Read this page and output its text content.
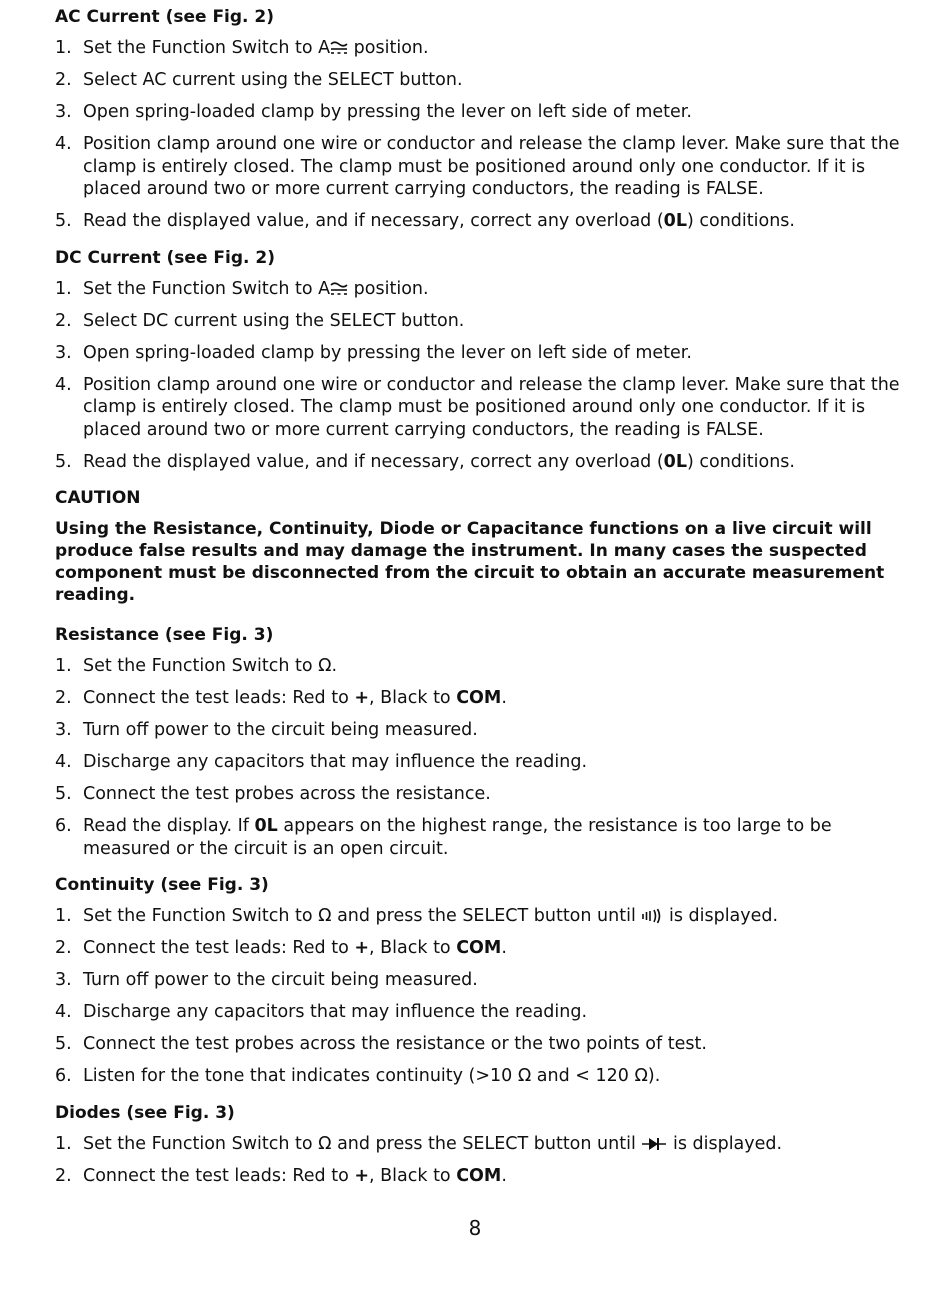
AC Current (see Fig. 2)
1. Set the Function Switch to A position.
2. Select AC current using the SELECT button.
3. Open spring-loaded clamp by pressing the lever on left side of meter.
4. Position clamp around one wire or conductor and release the clamp lever. Make sure that the clamp is entirely closed. The clamp must be positioned around only one conductor. If it is placed around two or more current carrying conductors, the reading is FALSE.
5. Read the displayed value, and if necessary, correct any overload (0L) conditions.
DC Current (see Fig. 2)
1. Set the Function Switch to A position.
2. Select DC current using the SELECT button.
3. Open spring-loaded clamp by pressing the lever on left side of meter.
4. Position clamp around one wire or conductor and release the clamp lever. Make sure that the clamp is entirely closed. The clamp must be positioned around only one conductor. If it is placed around two or more current carrying conductors, the reading is FALSE.
5. Read the displayed value, and if necessary, correct any overload (0L) conditions.
CAUTION
Using the Resistance, Continuity, Diode or Capacitance functions on a live circuit will produce false results and may damage the instrument. In many cases the suspected component must be disconnected from the circuit to obtain an accurate measurement reading.
Resistance (see Fig. 3)
1. Set the Function Switch to Ω.
2. Connect the test leads: Red to +, Black to COM.
3. Turn off power to the circuit being measured.
4. Discharge any capacitors that may influence the reading.
5. Connect the test probes across the resistance.
6. Read the display. If 0L appears on the highest range, the resistance is too large to be measured or the circuit is an open circuit.
Continuity (see Fig. 3)
1. Set the Function Switch to Ω and press the SELECT button until  is displayed.
2. Connect the test leads: Red to +, Black to COM.
3. Turn off power to the circuit being measured.
4. Discharge any capacitors that may influence the reading.
5. Connect the test probes across the resistance or the two points of test.
6. Listen for the tone that indicates continuity (>10 Ω and < 120 Ω).
Diodes (see Fig. 3)
1. Set the Function Switch to Ω and press the SELECT button until  is displayed.
2. Connect the test leads: Red to +, Black to COM.
8
